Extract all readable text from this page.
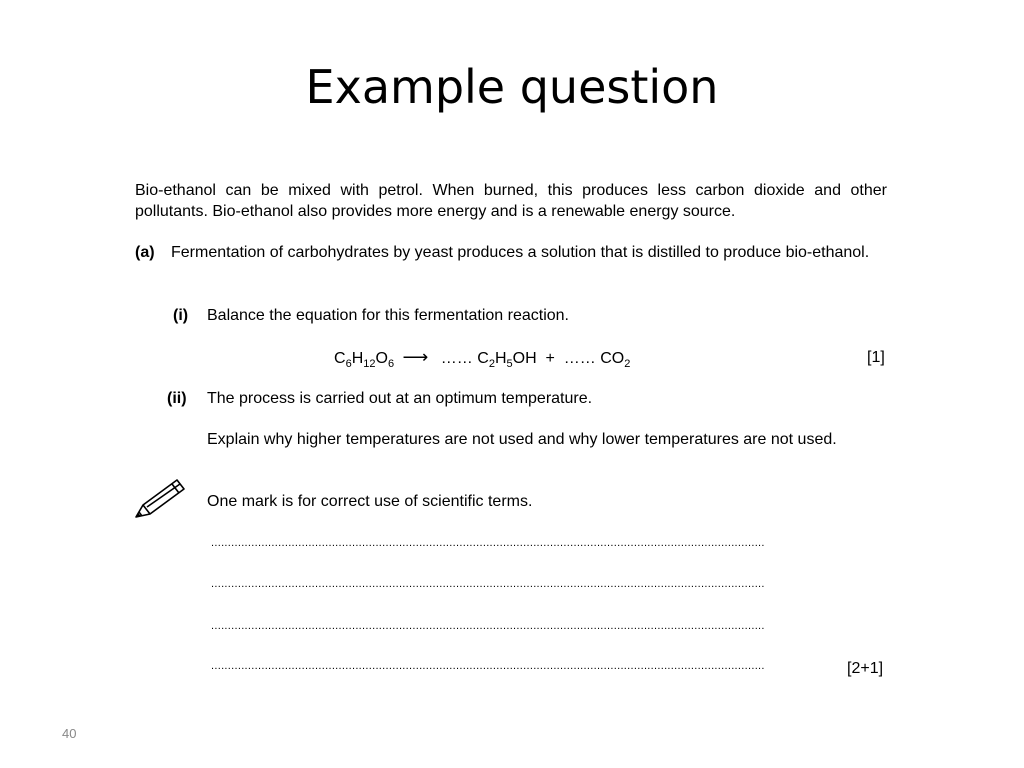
Example question
Bio-ethanol can be mixed with petrol. When burned, this produces less carbon dioxide and other pollutants. Bio-ethanol also provides more energy and is a renewable energy source.
(a) Fermentation of carbohydrates by yeast produces a solution that is distilled to produce bio-ethanol.
(i) Balance the equation for this fermentation reaction.
$C_6H_{12}O_6$ ⟶ …… $C_2H_5OH$ + …… $CO_2$	[1]
(ii) The process is carried out at an optimum temperature.
Explain why higher temperatures are not used and why lower temperatures are not used.
One mark is for correct use of scientific terms.
.....................................................................................................................................................................
.....................................................................................................................................................................
.....................................................................................................................................................................
.....................................................................................................................................................................	[2+1]
40
